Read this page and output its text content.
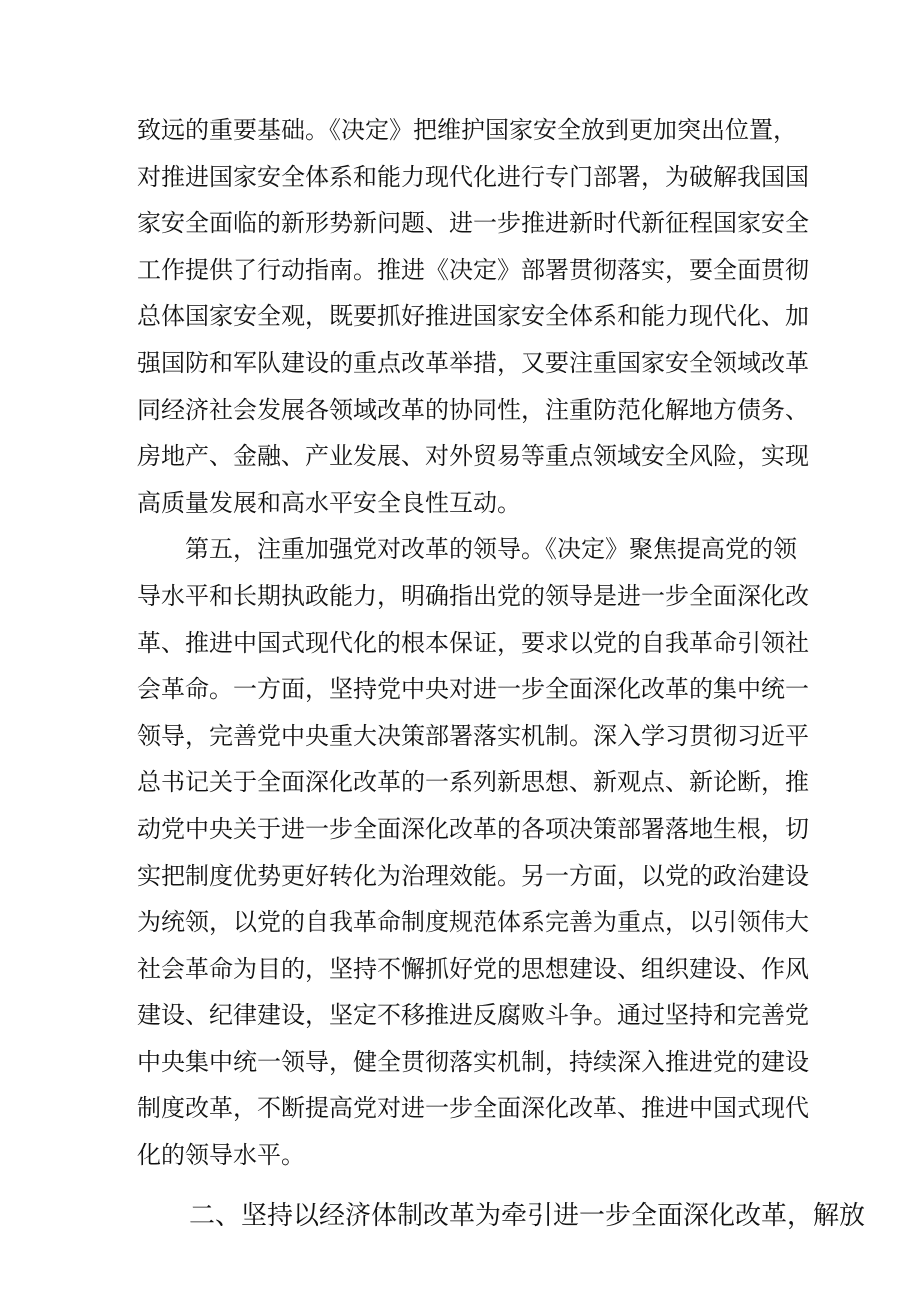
致远的重要基础。《决定》把维护国家安全放到更加突出位置，
对推进国家安全体系和能力现代化进行专门部署，为破解我国国
家安全面临的新形势新问题、进一步推进新时代新征程国家安全
工作提供了行动指南。推进《决定》部署贯彻落实，要全面贯彻
总体国家安全观，既要抓好推进国家安全体系和能力现代化、加
强国防和军队建设的重点改革举措，又要注重国家安全领域改革
同经济社会发展各领域改革的协同性，注重防范化解地方债务、
房地产、金融、产业发展、对外贸易等重点领域安全风险，实现
高质量发展和高水平安全良性互动。
第五，注重加强党对改革的领导。《决定》聚焦提高党的领
导水平和长期执政能力，明确指出党的领导是进一步全面深化改
革、推进中国式现代化的根本保证，要求以党的自我革命引领社
会革命。一方面，坚持党中央对进一步全面深化改革的集中统一
领导，完善党中央重大决策部署落实机制。深入学习贯彻习近平
总书记关于全面深化改革的一系列新思想、新观点、新论断，推
动党中央关于进一步全面深化改革的各项决策部署落地生根，切
实把制度优势更好转化为治理效能。另一方面，以党的政治建设
为统领，以党的自我革命制度规范体系完善为重点，以引领伟大
社会革命为目的，坚持不懈抓好党的思想建设、组织建设、作风
建设、纪律建设，坚定不移推进反腐败斗争。通过坚持和完善党
中央集中统一领导，健全贯彻落实机制，持续深入推进党的建设
制度改革，不断提高党对进一步全面深化改革、推进中国式现代
化的领导水平。
二、坚持以经济体制改革为牵引进一步全面深化改革，解放
